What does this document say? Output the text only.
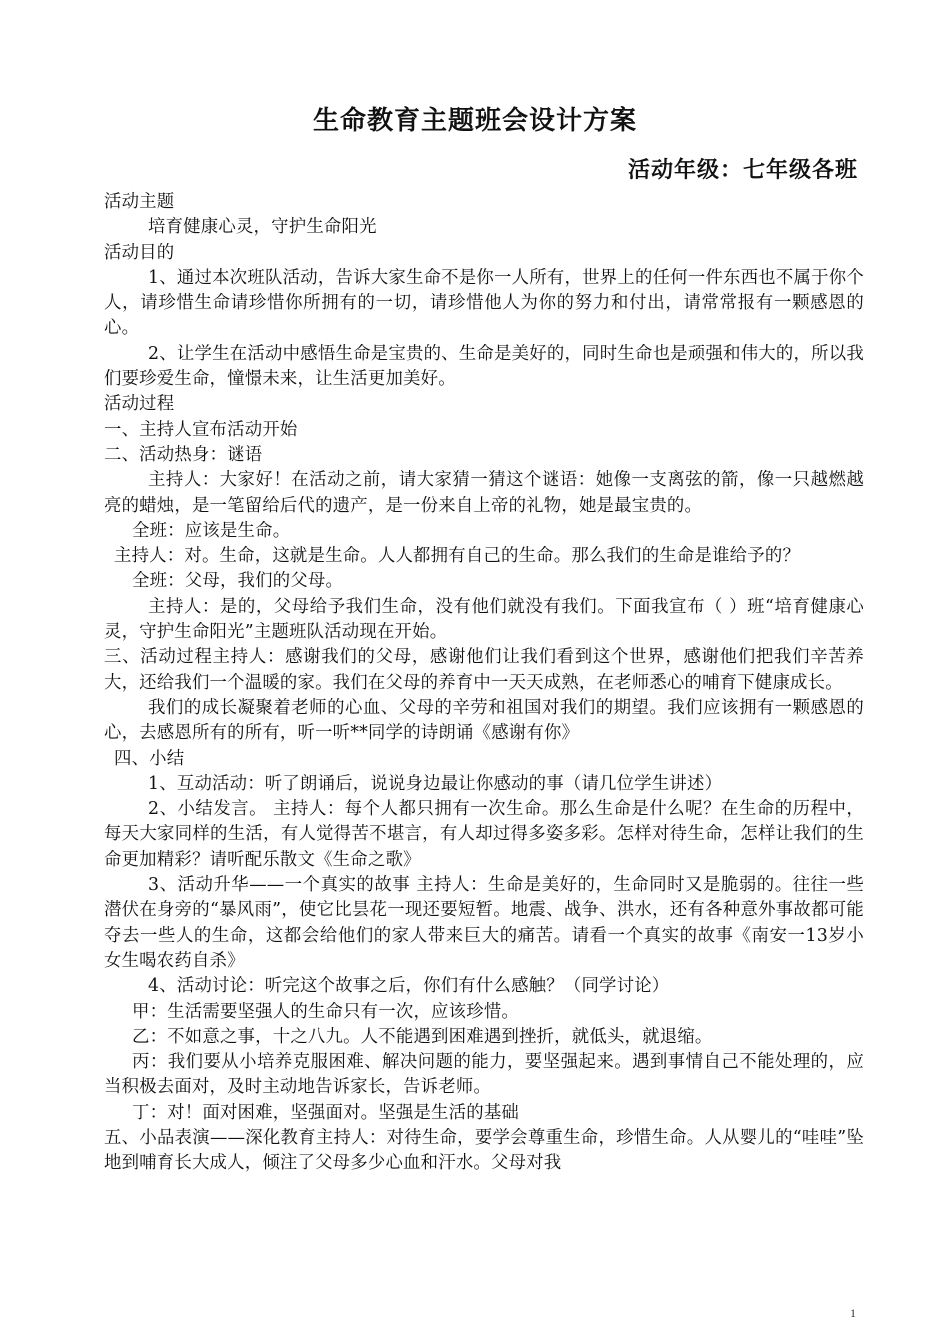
生命教育主题班会设计方案
活动年级：七年级各班

活动主题

培育健康心灵，守护生命阳光

活动目的

1、通过本次班队活动，告诉大家生命不是你一人所有，世界上的任何一件东西也不属于你个人，请珍惜生命请珍惜你所拥有的一切，请珍惜他人为你的努力和付出，请常常报有一颗感恩的心。

2、让学生在活动中感悟生命是宝贵的、生命是美好的，同时生命也是顽强和伟大的，所以我们要珍爱生命，憧憬未来，让生活更加美好。

活动过程

一、主持人宣布活动开始

二、活动热身：谜语

主持人：大家好！在活动之前，请大家猜一猜这个谜语：她像一支离弦的箭，像一只越燃越亮的蜡烛，是一笔留给后代的遗产，是一份来自上帝的礼物，她是最宝贵的。

全班：应该是生命。

主持人：对。生命，这就是生命。人人都拥有自己的生命。那么我们的生命是谁给予的？

全班：父母，我们的父母。

主持人：是的，父母给予我们生命，没有他们就没有我们。下面我宣布（ ）班“培育健康心灵，守护生命阳光”主题班队活动现在开始。

三、活动过程主持人：感谢我们的父母，感谢他们让我们看到这个世界，感谢他们把我们辛苦养大，还给我们一个温暖的家。我们在父母的养育中一天天成熟，在老师悉心的哺育下健康成长。

我们的成长凝聚着老师的心血、父母的辛劳和祖国对我们的期望。我们应该拥有一颗感恩的心，去感恩所有的所有，听一听**同学的诗朗诵《感谢有你》

四、小结

1、互动活动：听了朗诵后，说说身边最让你感动的事（请几位学生讲述）

2、小结发言。 主持人：每个人都只拥有一次生命。那么生命是什么呢？在生命的历程中，每天大家同样的生活，有人觉得苦不堪言，有人却过得多姿多彩。怎样对待生命，怎样让我们的生命更加精彩？请听配乐散文《生命之歌》

3、活动升华——一个真实的故事 主持人：生命是美好的，生命同时又是脆弱的。往往一些潜伏在身旁的“暴风雨”，使它比昙花一现还要短暂。地震、战争、洪水，还有各种意外事故都可能夺去一些人的生命，这都会给他们的家人带来巨大的痛苦。请看一个真实的故事《南安一13岁小女生喝农药自杀》

4、活动讨论：听完这个故事之后，你们有什么感触？（同学讨论）

甲：生活需要坚强人的生命只有一次，应该珍惜。

乙：不如意之事，十之八九。人不能遇到困难遇到挫折，就低头，就退缩。

丙：我们要从小培养克服困难、解决问题的能力，要坚强起来。遇到事情自己不能处理的，应当积极去面对，及时主动地告诉家长，告诉老师。

丁：对！面对困难，坚强面对。坚强是生活的基础

五、小品表演——深化教育主持人：对待生命，要学会尊重生命，珍惜生命。人从婴儿的“哇哇”坠地到哺育长大成人，倾注了父母多少心血和汗水。父母对我

1
